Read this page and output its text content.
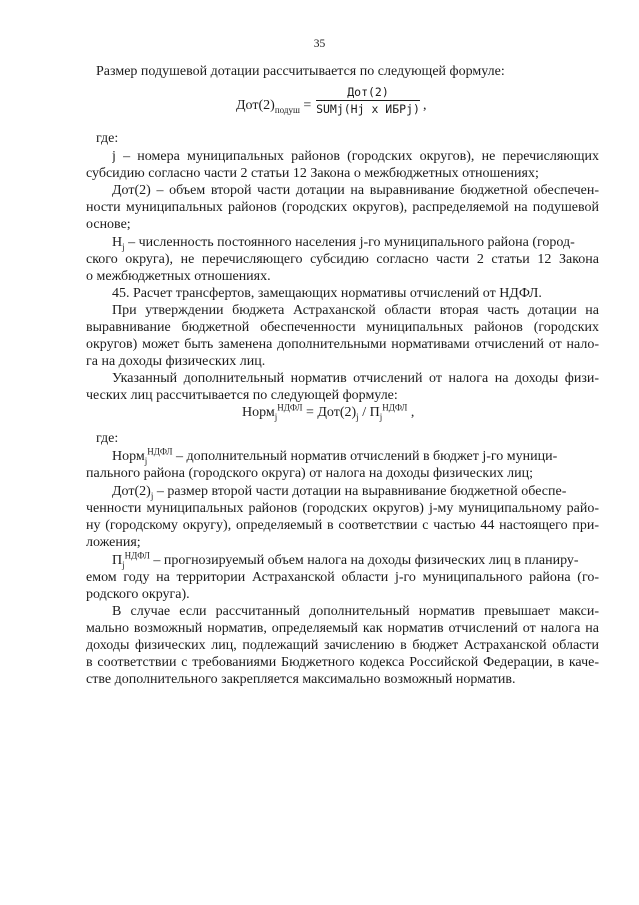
35
Размер подушевой дотации рассчитывается по следующей формуле:
$Дот(2)_{подуш}$ =
Дот(2)
SUMj(Hj x ИБРj) ,
где:
j – номера муниципальных районов (городских округов), не перечисляющих
субсидию согласно части 2 статьи 12 Закона о межбюджетных отношениях;
Дот(2) – объем второй части дотации на выравнивание бюджетной обеспечен-
ности муниципальных районов (городских округов), распределяемой на подушевой
основе;
$H_j$ – численность постоянного населения j-го муниципального района (город-
ского округа), не перечисляющего субсидию согласно части 2 статьи 12 Закона
о межбюджетных отношениях.
45. Расчет трансфертов, замещающих нормативы отчислений от НДФЛ.
При утверждении бюджета Астраханской области вторая часть дотации на
выравнивание бюджетной обеспеченности муниципальных районов (городских
округов) может быть заменена дополнительными нормативами отчислений от нало-
га на доходы физических лиц.
Указанный дополнительный норматив отчислений от налога на доходы физи-
ческих лиц рассчитывается по следующей формуле:
Норм$_j^{НДФЛ}$ = $Дот(2)_j / П_j^{НДФЛ}$ ,
где:
Норм$_j^{НДФЛ}$ – дополнительный норматив отчислений в бюджет j-го муници-
пального района (городского округа) от налога на доходы физических лиц;
$Дот(2)_j$ – размер второй части дотации на выравнивание бюджетной обеспе-
ченности муниципальных районов (городских округов) j-му муниципальному райо-
ну (городскому округу), определяемый в соответствии с частью 44 настоящего при-
ложения;
$П_j^{НДФЛ}$ – прогнозируемый объем налога на доходы физических лиц в планиру-
емом году на территории Астраханской области j-го муниципального района (го-
родского округа).
В случае если рассчитанный дополнительный норматив превышает макси-
мально возможный норматив, определяемый как норматив отчислений от налога на
доходы физических лиц, подлежащий зачислению в бюджет Астраханской области
в соответствии с требованиями Бюджетного кодекса Российской Федерации, в каче-
стве дополнительного закрепляется максимально возможный норматив.
